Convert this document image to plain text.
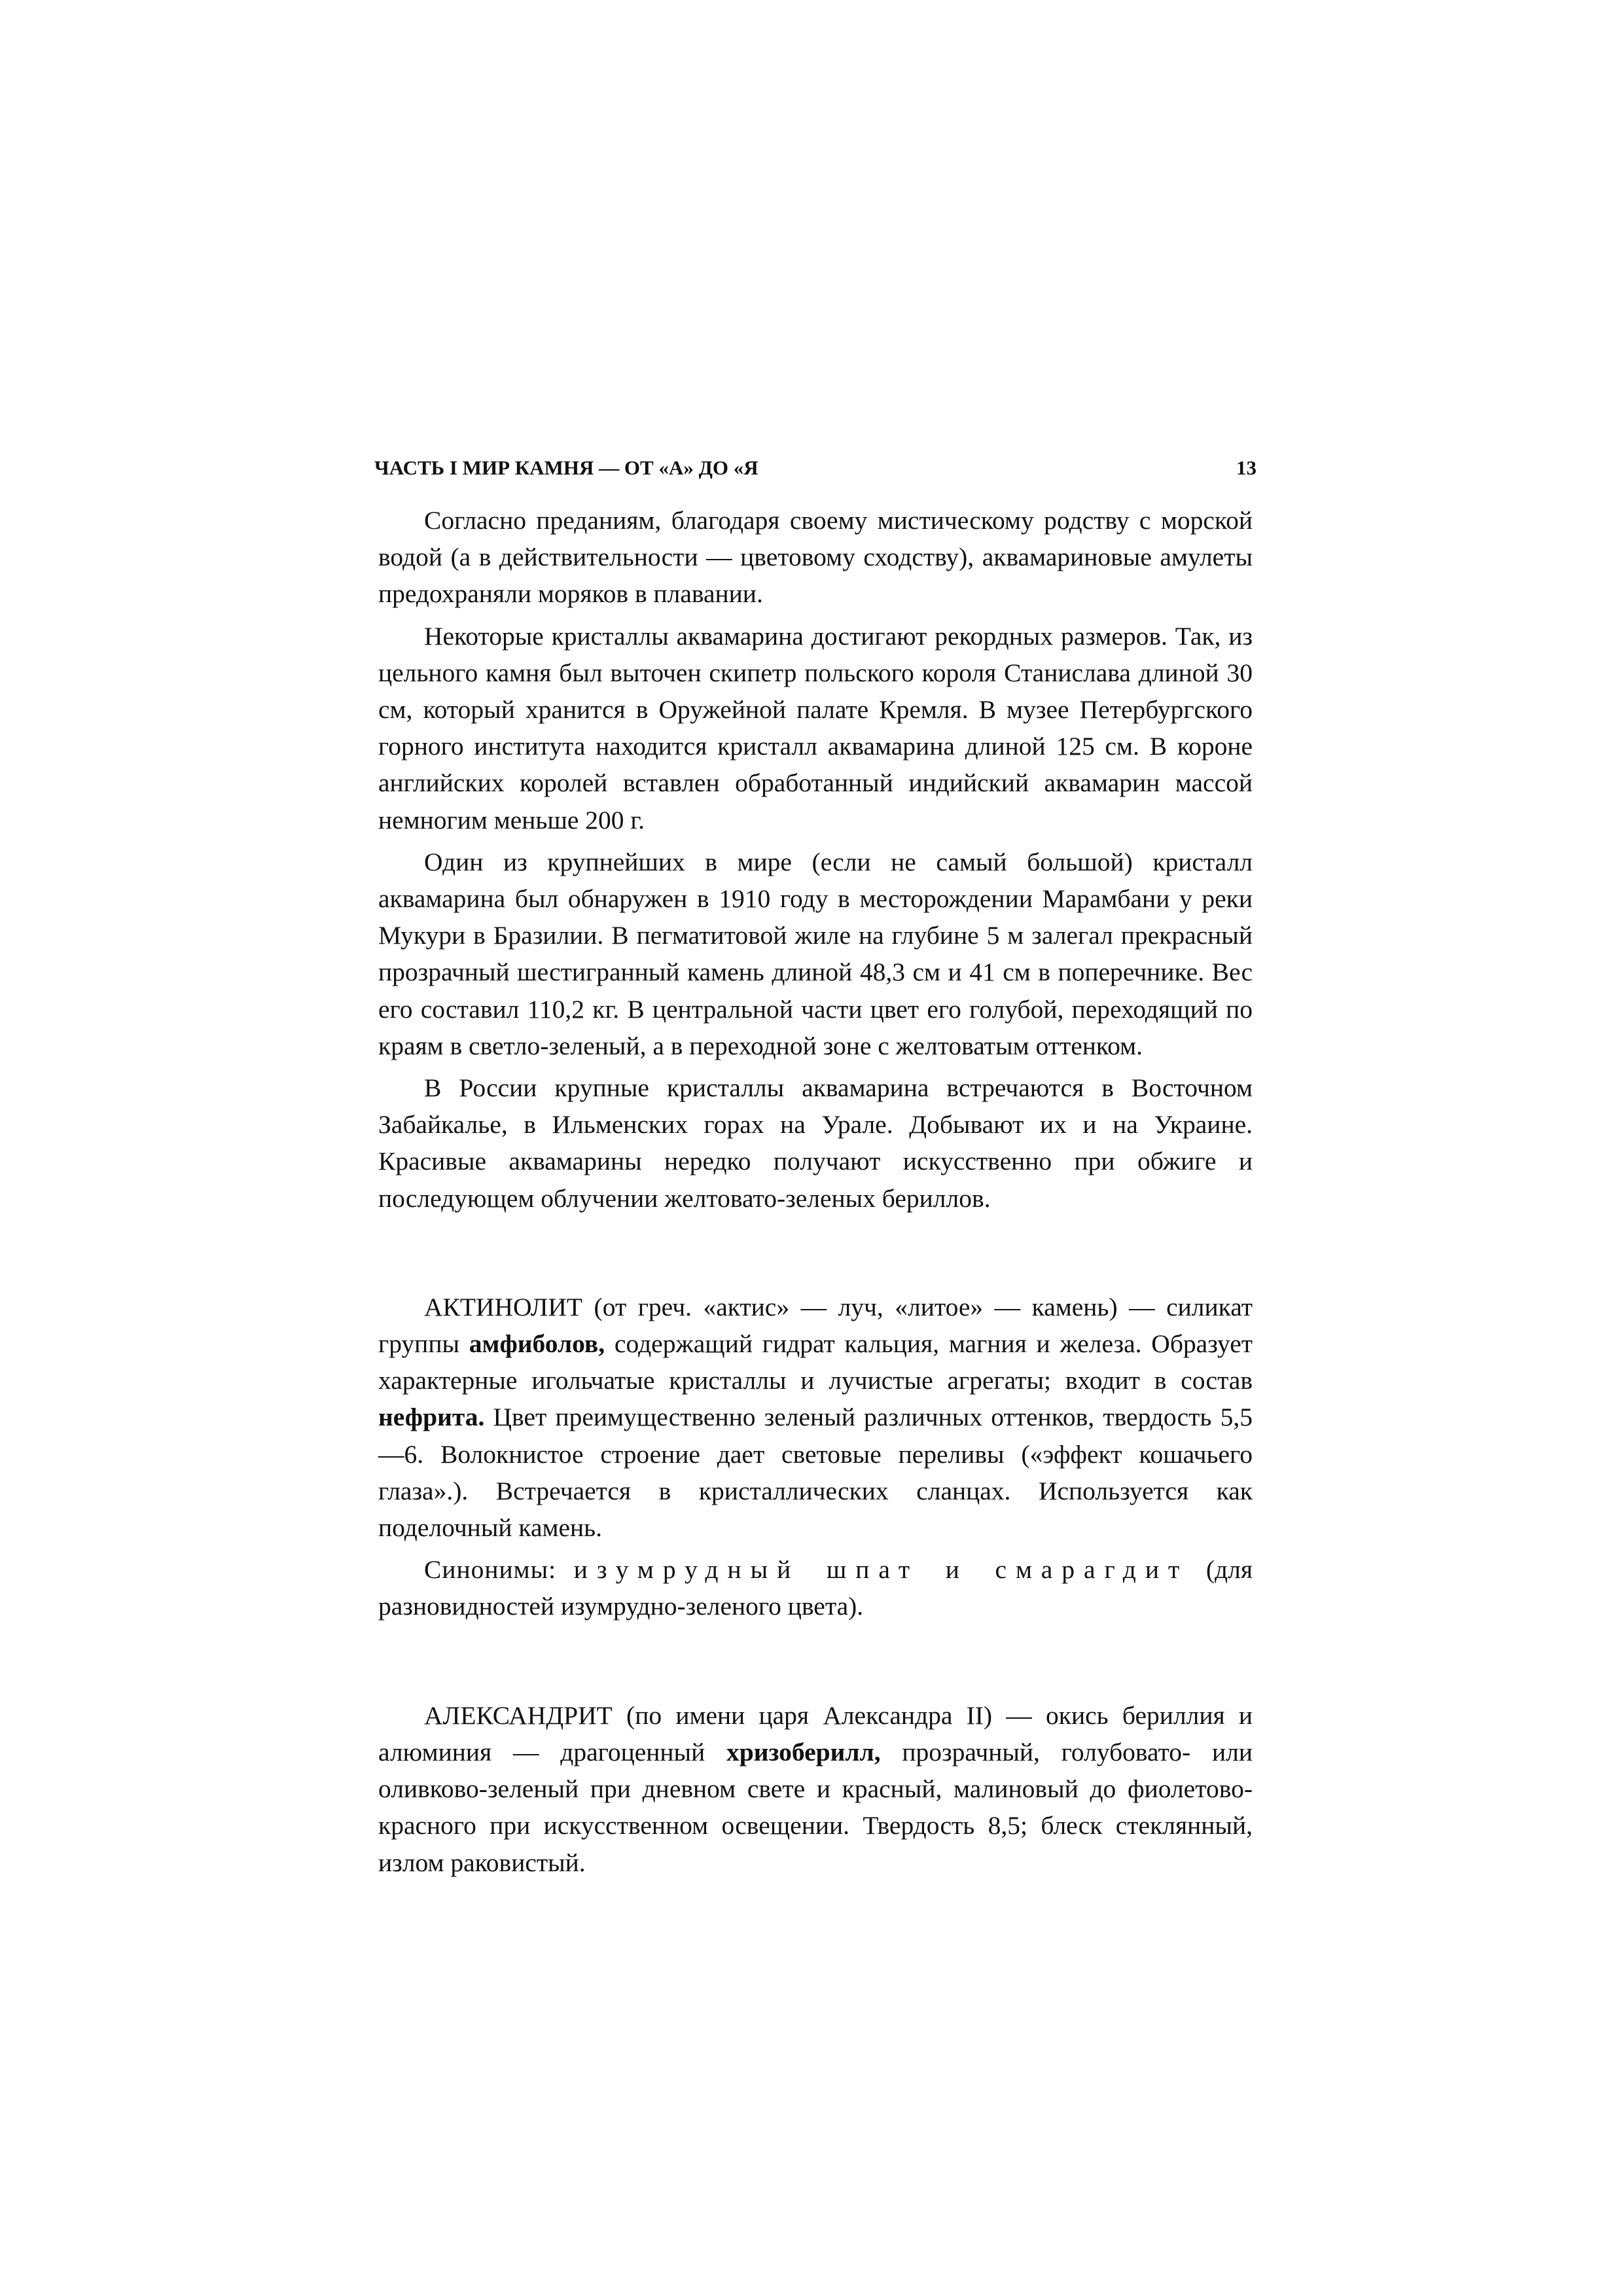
ЧАСТЬ I МИР КАМНЯ — ОТ «А» ДО «Я	13

Согласно преданиям, благодаря своему мистическому родству с морской водой (а в действительности — цветовому сходству), аквамариновые амулеты предохраняли моряков в плавании.

Некоторые кристаллы аквамарина достигают рекордных размеров. Так, из цельного камня был выточен скипетр польского короля Станислава длиной 30 см, который хранится в Оружейной палате Кремля. В музее Петербургского горного института находится кристалл аквамарина длиной 125 см. В короне английских королей вставлен обработанный индийский аквамарин массой немногим меньше 200 г.

Один из крупнейших в мире (если не самый большой) кристалл аквамарина был обнаружен в 1910 году в месторождении Марамбани у реки Мукури в Бразилии. В пегматитовой жиле на глубине 5 м залегал прекрасный прозрачный шестигранный камень длиной 48,3 см и 41 см в поперечнике. Вес его составил 110,2 кг. В центральной части цвет его голубой, переходящий по краям в светло-зеленый, а в переходной зоне с желтоватым оттенком.

В России крупные кристаллы аквамарина встречаются в Восточном Забайкалье, в Ильменских горах на Урале. Добывают их и на Украине. Красивые аквамарины нередко получают искусственно при обжиге и последующем облучении желтовато-зеленых бериллов.

АКТИНОЛИТ (от греч. «актис» — луч, «литое» — камень) — силикат группы амфиболов, содержащий гидрат кальция, магния и железа. Образует характерные игольчатые кристаллы и лучистые агрегаты; входит в состав нефрита. Цвет преимущественно зеленый различных оттенков, твердость 5,5—6. Волокнистое строение дает световые переливы («эффект кошачьего глаза».). Встречается в кристаллических сланцах. Используется как поделочный камень.

Синонимы: изумрудный шпат и смарагдит (для разновидностей изумрудно-зеленого цвета).

АЛЕКСАНДРИТ (по имени царя Александра II) — окись бериллия и алюминия — драгоценный хризоберилл, прозрачный, голубовато- или оливково-зеленый при дневном свете и красный, малиновый до фиолетово-красного при искусственном освещении. Твердость 8,5; блеск стеклянный, излом раковистый.
